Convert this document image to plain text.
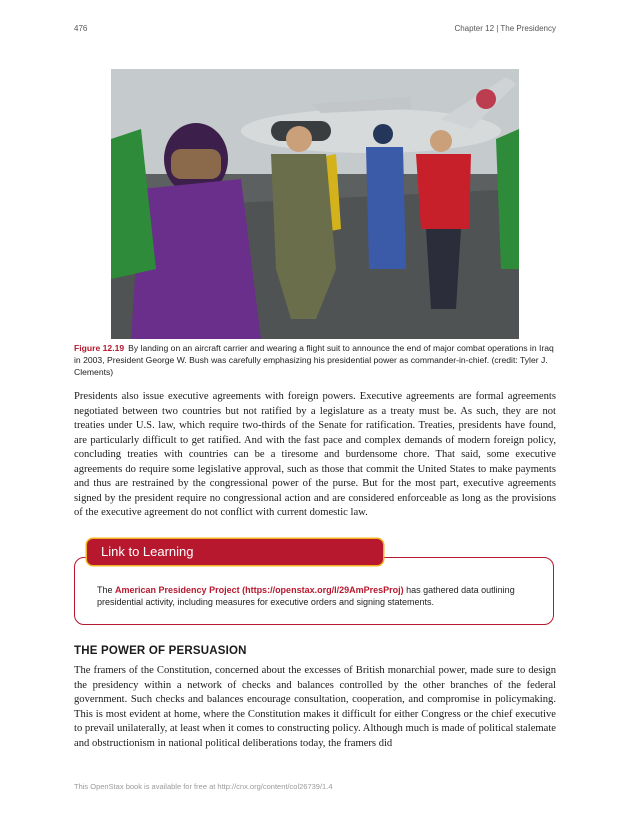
476	Chapter 12 | The Presidency
Figure 12.19 By landing on an aircraft carrier and wearing a flight suit to announce the end of major combat operations in Iraq in 2003, President George W. Bush was carefully emphasizing his presidential power as commander-in-chief. (credit: Tyler J. Clements)

Presidents also issue executive agreements with foreign powers. Executive agreements are formal agreements negotiated between two countries but not ratified by a legislature as a treaty must be. As such, they are not treaties under U.S. law, which require two-thirds of the Senate for ratification. Treaties, presidents have found, are particularly difficult to get ratified. And with the fast pace and complex demands of modern foreign policy, concluding treaties with countries can be a tiresome and burdensome chore. That said, some executive agreements do require some legislative approval, such as those that commit the United States to make payments and thus are restrained by the congressional power of the purse. But for the most part, executive agreements signed by the president require no congressional action and are considered enforceable as long as the provisions of the executive agreement do not conflict with current domestic law.

Link to Learning
The American Presidency Project (https://openstax.org/l/29AmPresProj) has gathered data outlining presidential activity, including measures for executive orders and signing statements.
THE POWER OF PERSUASION

The framers of the Constitution, concerned about the excesses of British monarchial power, made sure to design the presidency within a network of checks and balances controlled by the other branches of the federal government. Such checks and balances encourage consultation, cooperation, and compromise in policymaking. This is most evident at home, where the Constitution makes it difficult for either Congress or the chief executive to prevail unilaterally, at least when it comes to constructing policy. Although much is made of political stalemate and obstructionism in national political deliberations today, the framers did

This OpenStax book is available for free at http://cnx.org/content/col26739/1.4
